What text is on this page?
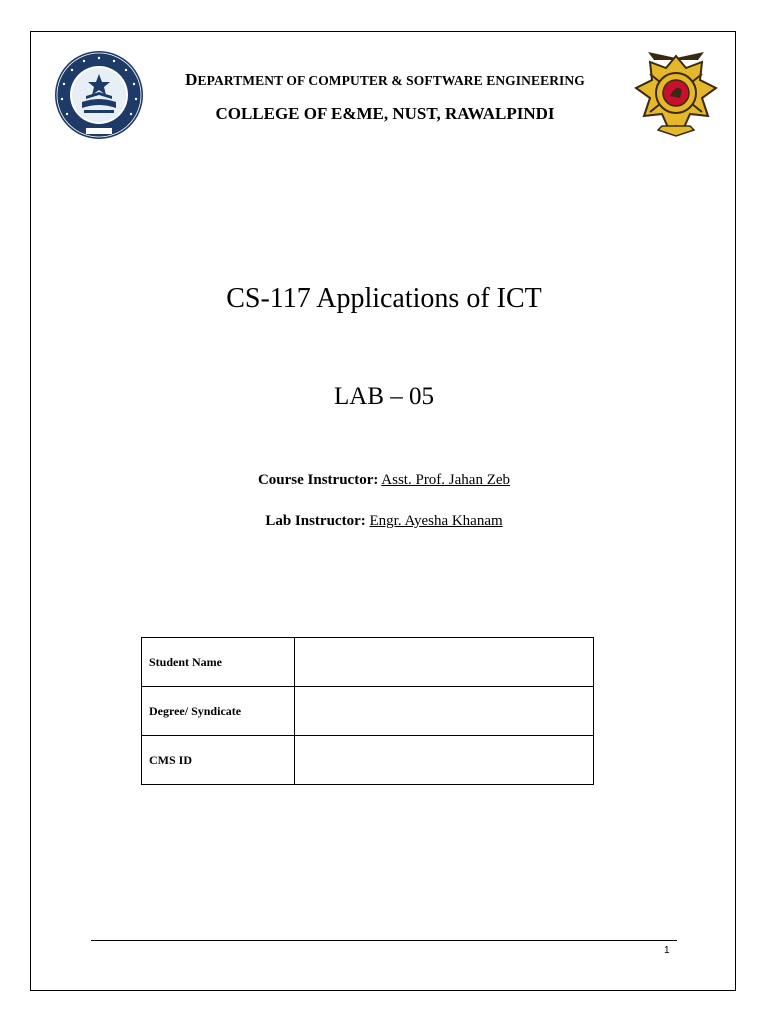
DEPARTMENT OF COMPUTER & SOFTWARE ENGINEERING
COLLEGE OF E&ME, NUST, RAWALPINDI
CS-117 Applications of ICT
LAB – 05
Course Instructor: Asst. Prof. Jahan Zeb
Lab Instructor: Engr. Ayesha Khanam
Student Name	
Degree/ Syndicate	
CMS ID	
1
